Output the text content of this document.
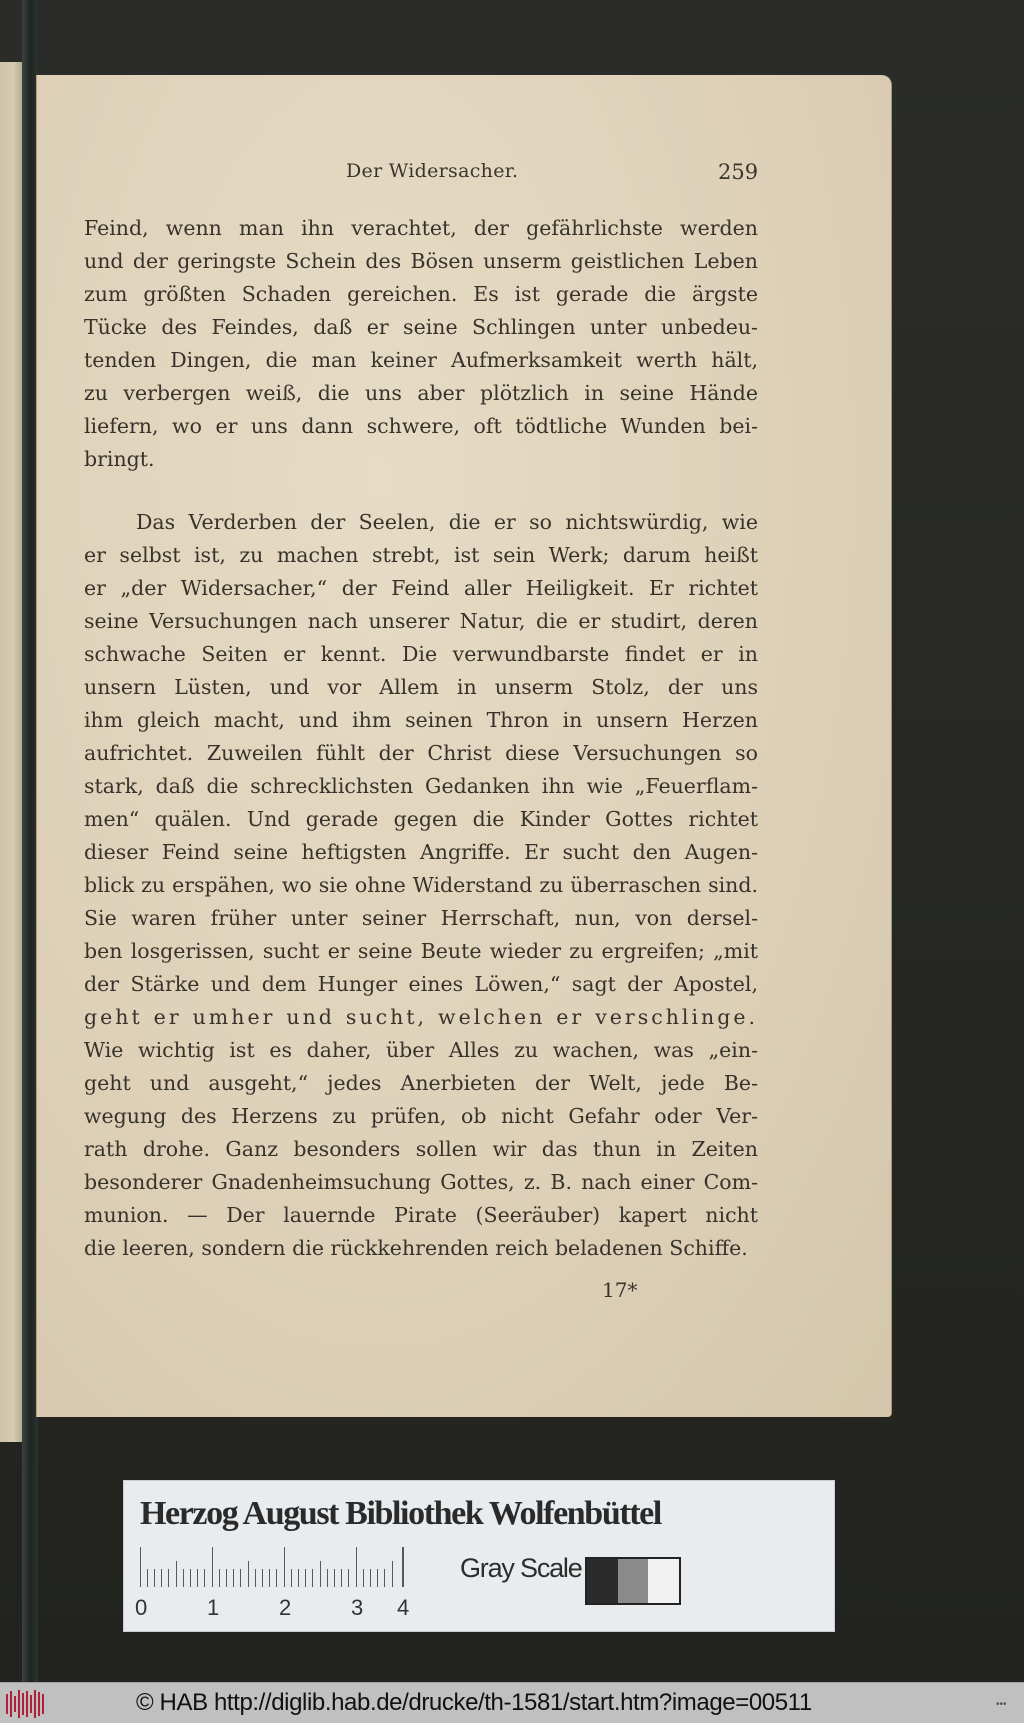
Der Widersacher.	259
Feind, wenn man ihn verachtet, der gefährlichste werden
und der geringste Schein des Bösen unserm geistlichen Leben
zum größten Schaden gereichen. Es ist gerade die ärgste
Tücke des Feindes, daß er seine Schlingen unter unbedeu-
tenden Dingen, die man keiner Aufmerksamkeit werth hält,
zu verbergen weiß, die uns aber plötzlich in seine Hände
liefern, wo er uns dann schwere, oft tödtliche Wunden bei-
bringt.
Das Verderben der Seelen, die er so nichtswürdig, wie
er selbst ist, zu machen strebt, ist sein Werk; darum heißt
er „der Widersacher,“ der Feind aller Heiligkeit. Er richtet
seine Versuchungen nach unserer Natur, die er studirt, deren
schwache Seiten er kennt. Die verwundbarste findet er in
unsern Lüsten, und vor Allem in unserm Stolz, der uns
ihm gleich macht, und ihm seinen Thron in unsern Herzen
aufrichtet. Zuweilen fühlt der Christ diese Versuchungen so
stark, daß die schrecklichsten Gedanken ihn wie „Feuerflam-
men“ quälen. Und gerade gegen die Kinder Gottes richtet
dieser Feind seine heftigsten Angriffe. Er sucht den Augen-
blick zu erspähen, wo sie ohne Widerstand zu überraschen sind.
Sie waren früher unter seiner Herrschaft, nun, von dersel-
ben losgerissen, sucht er seine Beute wieder zu ergreifen; „mit
der Stärke und dem Hunger eines Löwen,“ sagt der Apostel,
geht er umher und sucht, welchen er verschlinge.
Wie wichtig ist es daher, über Alles zu wachen, was „ein-
geht und ausgeht,“ jedes Anerbieten der Welt, jede Be-
wegung des Herzens zu prüfen, ob nicht Gefahr oder Ver-
rath drohe. Ganz besonders sollen wir das thun in Zeiten
besonderer Gnadenheimsuchung Gottes, z. B. nach einer Com-
munion. — Der lauernde Pirate (Seeräuber) kapert nicht
die leeren, sondern die rückkehrenden reich beladenen Schiffe.
17*
Herzog August Bibliothek Wolfenbüttel
0	1	2	3 4
Gray Scale
© HAB http://diglib.hab.de/drucke/th-1581/start.htm?image=00511	•••
